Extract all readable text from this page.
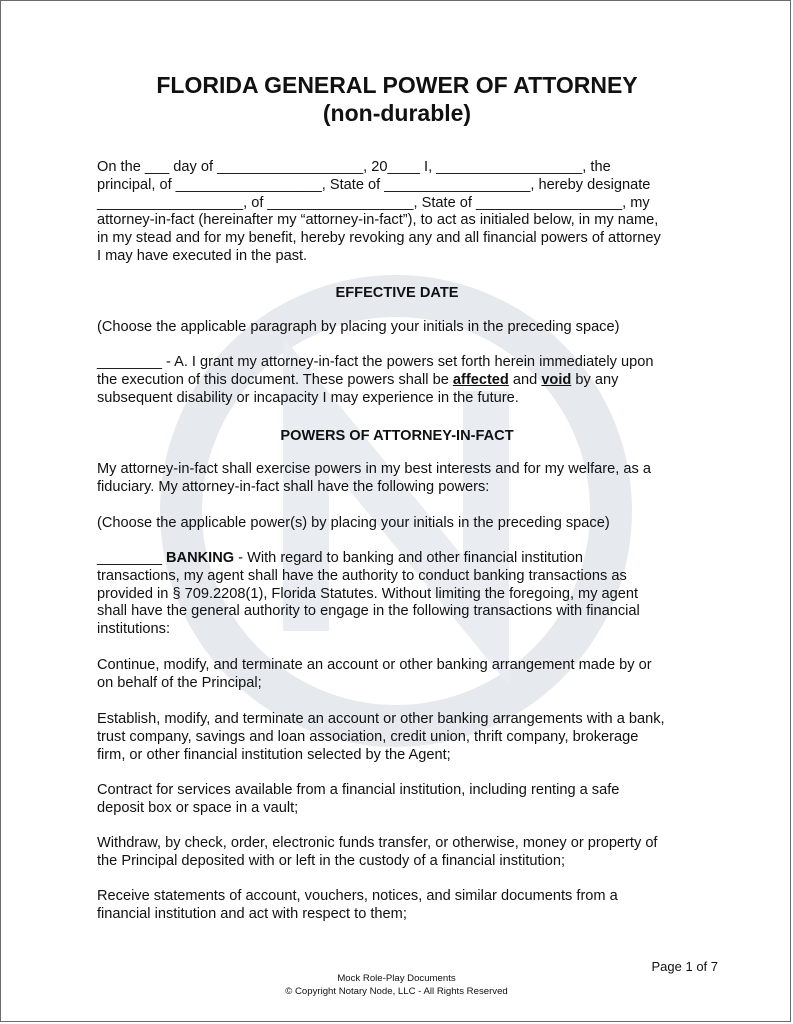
FLORIDA GENERAL POWER OF ATTORNEY
(non-durable)

On the ___ day of __________________, 20____ I, __________________, the
principal, of __________________, State of __________________, hereby designate
__________________, of __________________, State of __________________, my
attorney-in-fact (hereinafter my “attorney-in-fact”), to act as initialed below, in my name,
in my stead and for my benefit, hereby revoking any and all financial powers of attorney
I may have executed in the past.

EFFECTIVE DATE

(Choose the applicable paragraph by placing your initials in the preceding space)

________ - A. I grant my attorney-in-fact the powers set forth herein immediately upon
the execution of this document. These powers shall be affected and void by any
subsequent disability or incapacity I may experience in the future.

POWERS OF ATTORNEY-IN-FACT

My attorney-in-fact shall exercise powers in my best interests and for my welfare, as a
fiduciary. My attorney-in-fact shall have the following powers:

(Choose the applicable power(s) by placing your initials in the preceding space)

________ BANKING - With regard to banking and other financial institution
transactions, my agent shall have the authority to conduct banking transactions as
provided in § 709.2208(1), Florida Statutes. Without limiting the foregoing, my agent
shall have the general authority to engage in the following transactions with financial
institutions:

Continue, modify, and terminate an account or other banking arrangement made by or
on behalf of the Principal;

Establish, modify, and terminate an account or other banking arrangements with a bank,
trust company, savings and loan association, credit union, thrift company, brokerage
firm, or other financial institution selected by the Agent;

Contract for services available from a financial institution, including renting a safe
deposit box or space in a vault;

Withdraw, by check, order, electronic funds transfer, or otherwise, money or property of
the Principal deposited with or left in the custody of a financial institution;

Receive statements of account, vouchers, notices, and similar documents from a
financial institution and act with respect to them;

Page 1 of 7
Mock Role-Play Documents
© Copyright Notary Node, LLC - All Rights Reserved
